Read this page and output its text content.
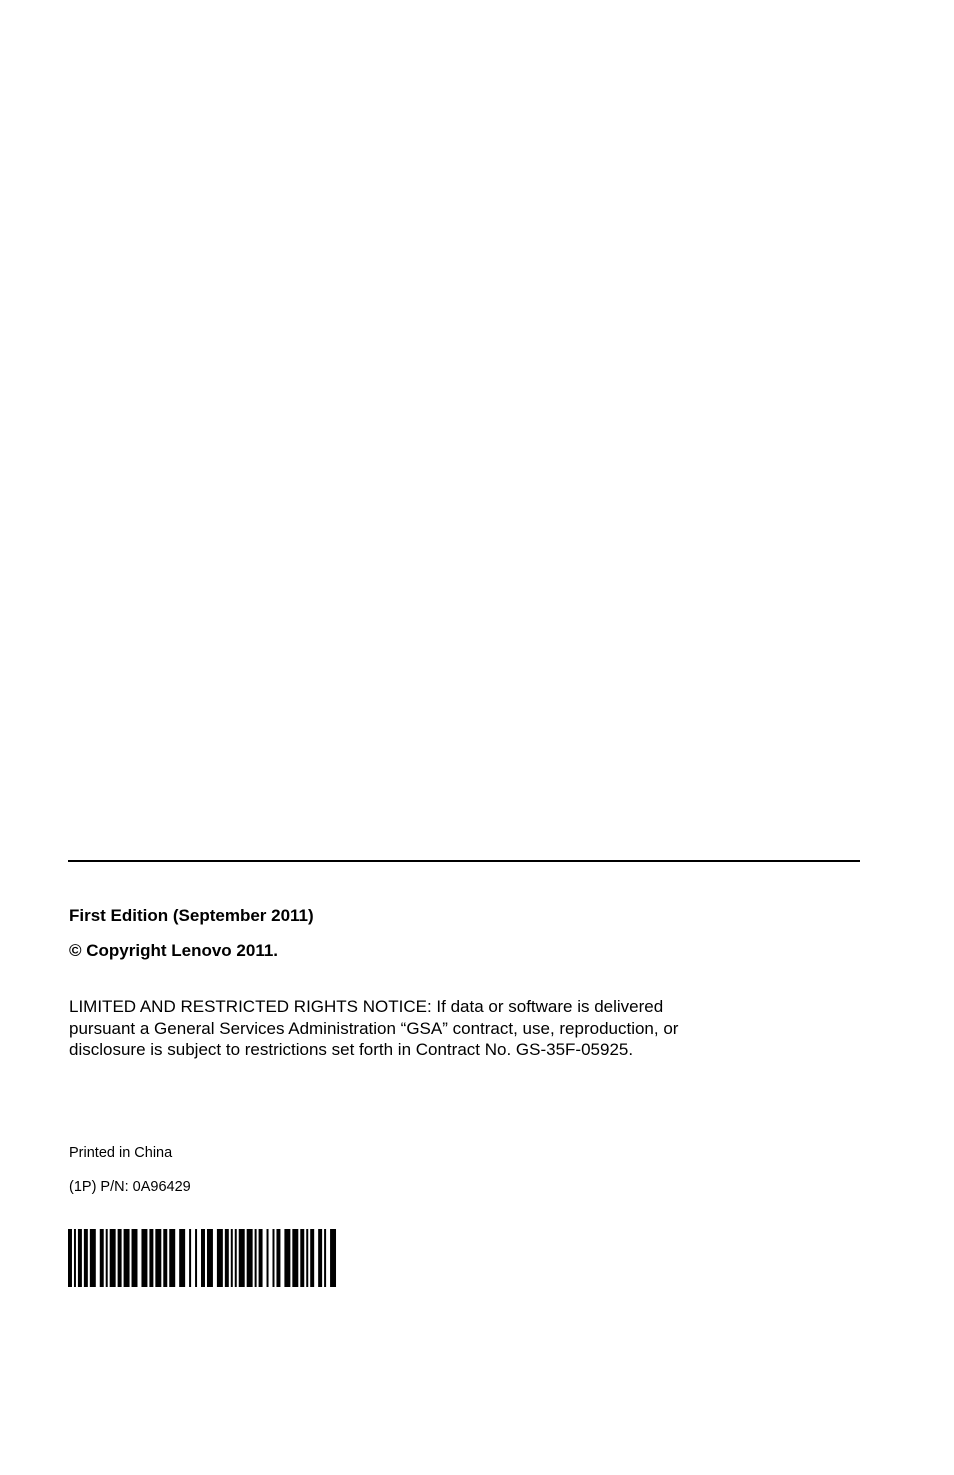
First Edition (September 2011)
© Copyright Lenovo 2011.
LIMITED AND RESTRICTED RIGHTS NOTICE: If data or software is delivered
pursuant a General Services Administration “GSA” contract, use, reproduction, or
disclosure is subject to restrictions set forth in Contract No. GS-35F-05925.
Printed in China
(1P) P/N: 0A96429
